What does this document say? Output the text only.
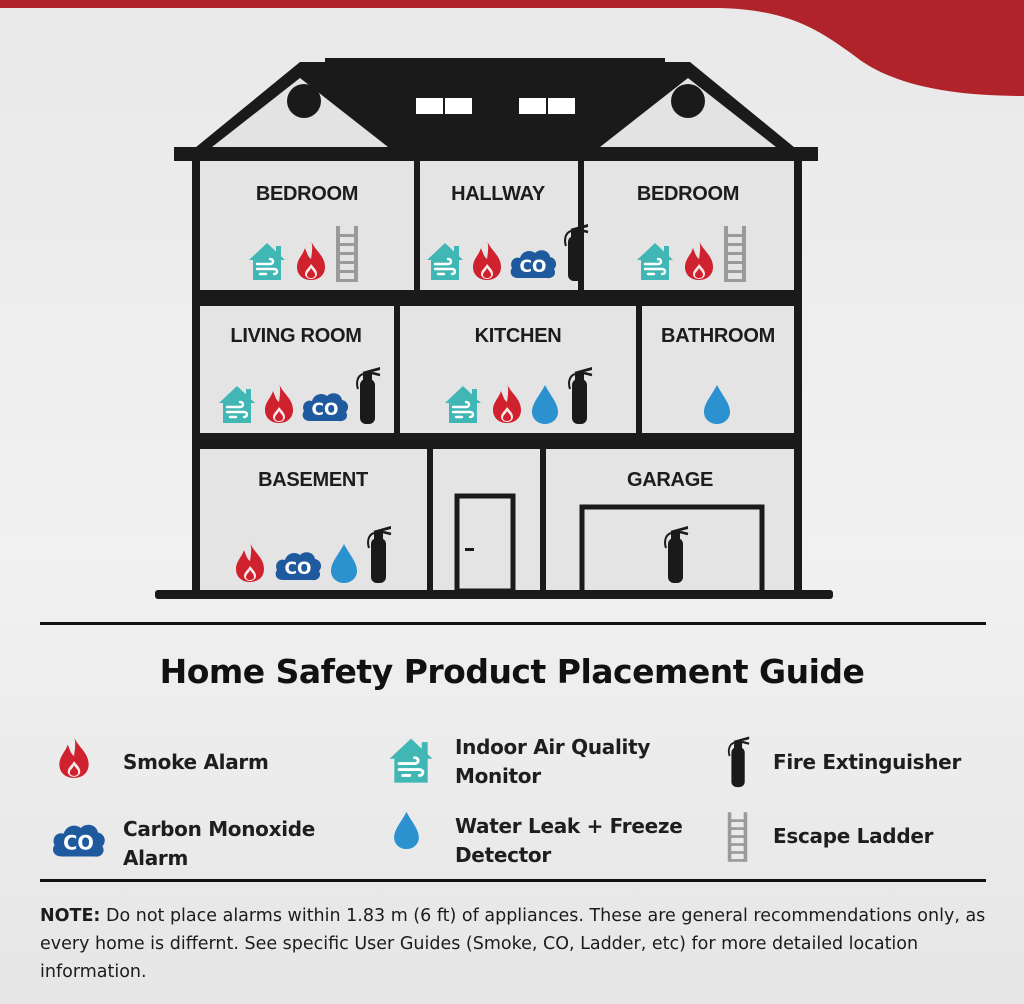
BEDROOM	HALLWAY	BEDROOM
LIVING ROOM	KITCHEN	BATHROOM
BASEMENT	GARAGE
Home Safety Product Placement Guide
Smoke Alarm
CO
Carbon Monoxide
Alarm
Indoor Air Quality
Monitor
Water Leak + Freeze
Detector
Fire Extinguisher
Escape Ladder
NOTE: Do not place alarms within 1.83 m (6 ft) of appliances. These are general recommendations only, as every home is differnt. See specific User Guides (Smoke, CO, Ladder, etc) for more detailed location information.
CO
CO
CO
